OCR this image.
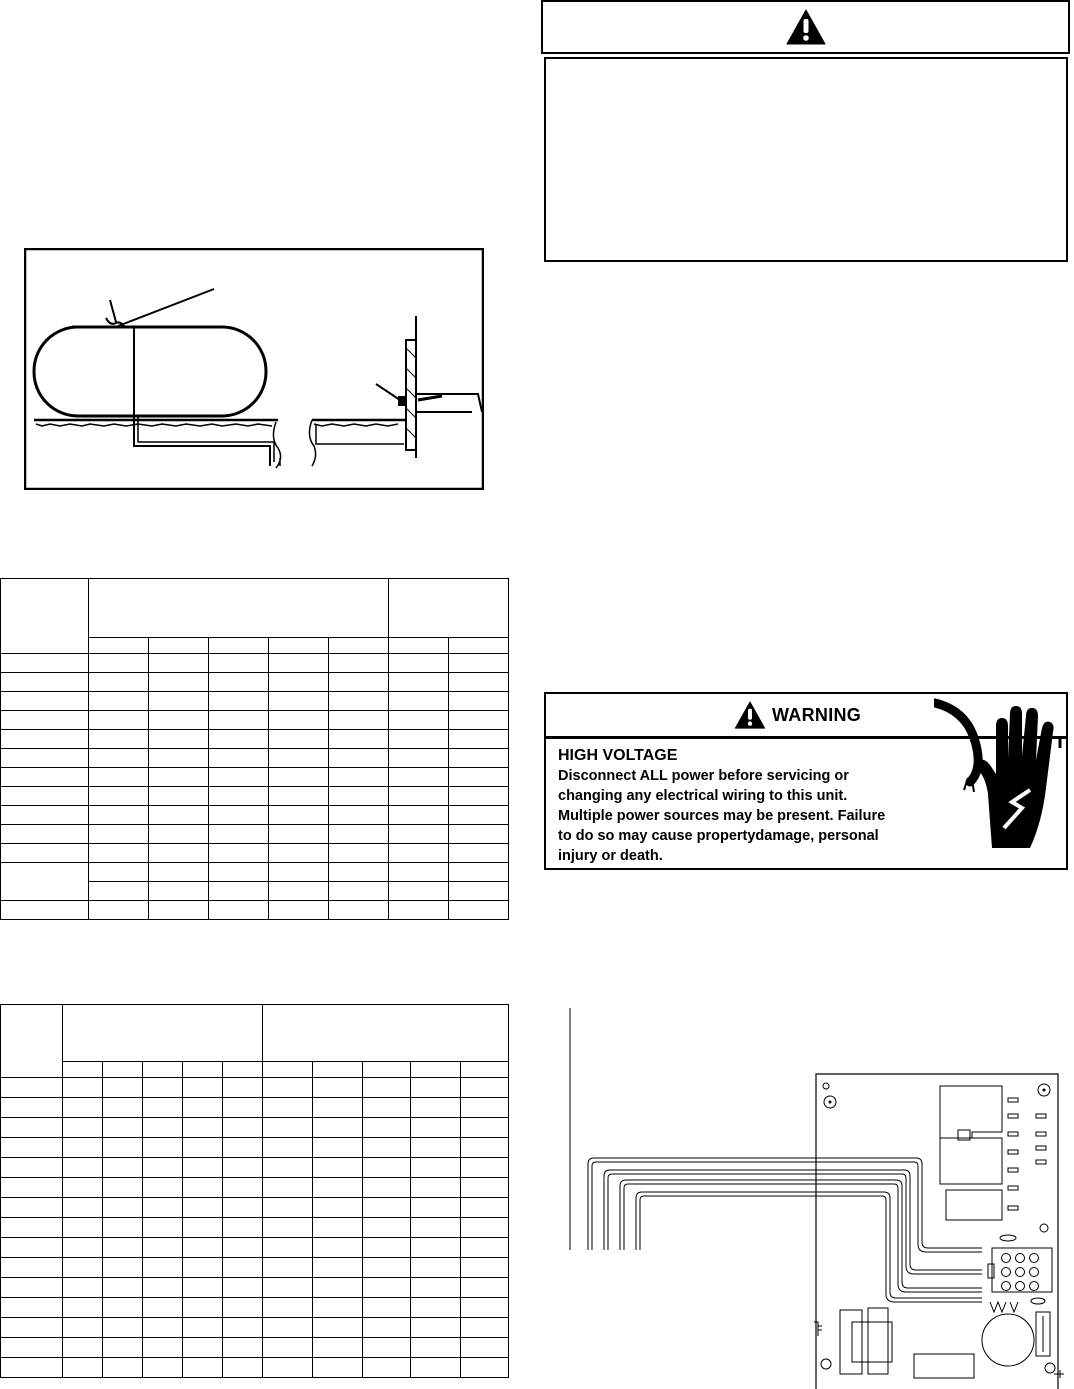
WARNING
HIGH VOLTAGE
Disconnect ALL power before servicing or
changing any electrical wiring to this unit.
Multiple power sources may be present. Failure
to do so may cause propertydamage, personal
injury or death.
